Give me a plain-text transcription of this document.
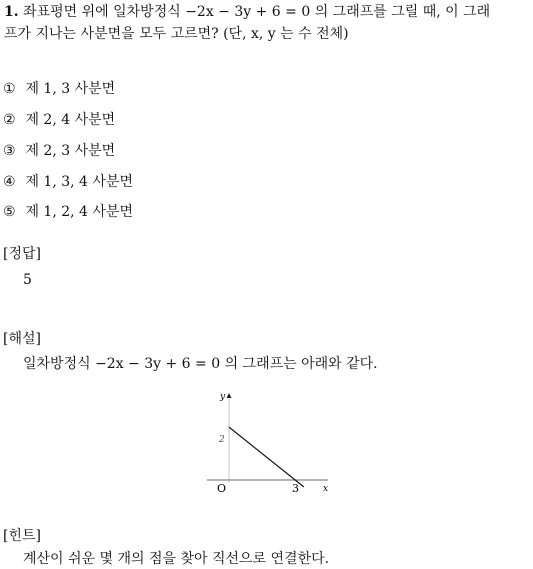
1. 좌표평면 위에 일차방정식 −2x − 3y + 6 = 0 의 그래프를 그릴 때, 이 그래
프가 지나는 사분면을 모두 고르면? (단, x, y 는 수 전체)
① 제 1, 3 사분면
② 제 2, 4 사분면
③ 제 2, 3 사분면
④ 제 1, 3, 4 사분면
⑤ 제 1, 2, 4 사분면
[정답]
5
[해설]
일차방정식 −2x − 3y + 6 = 0 의 그래프는 아래와 같다.
y
x
O
2
3
[힌트]
계산이 쉬운 몇 개의 점을 찾아 직선으로 연결한다.
